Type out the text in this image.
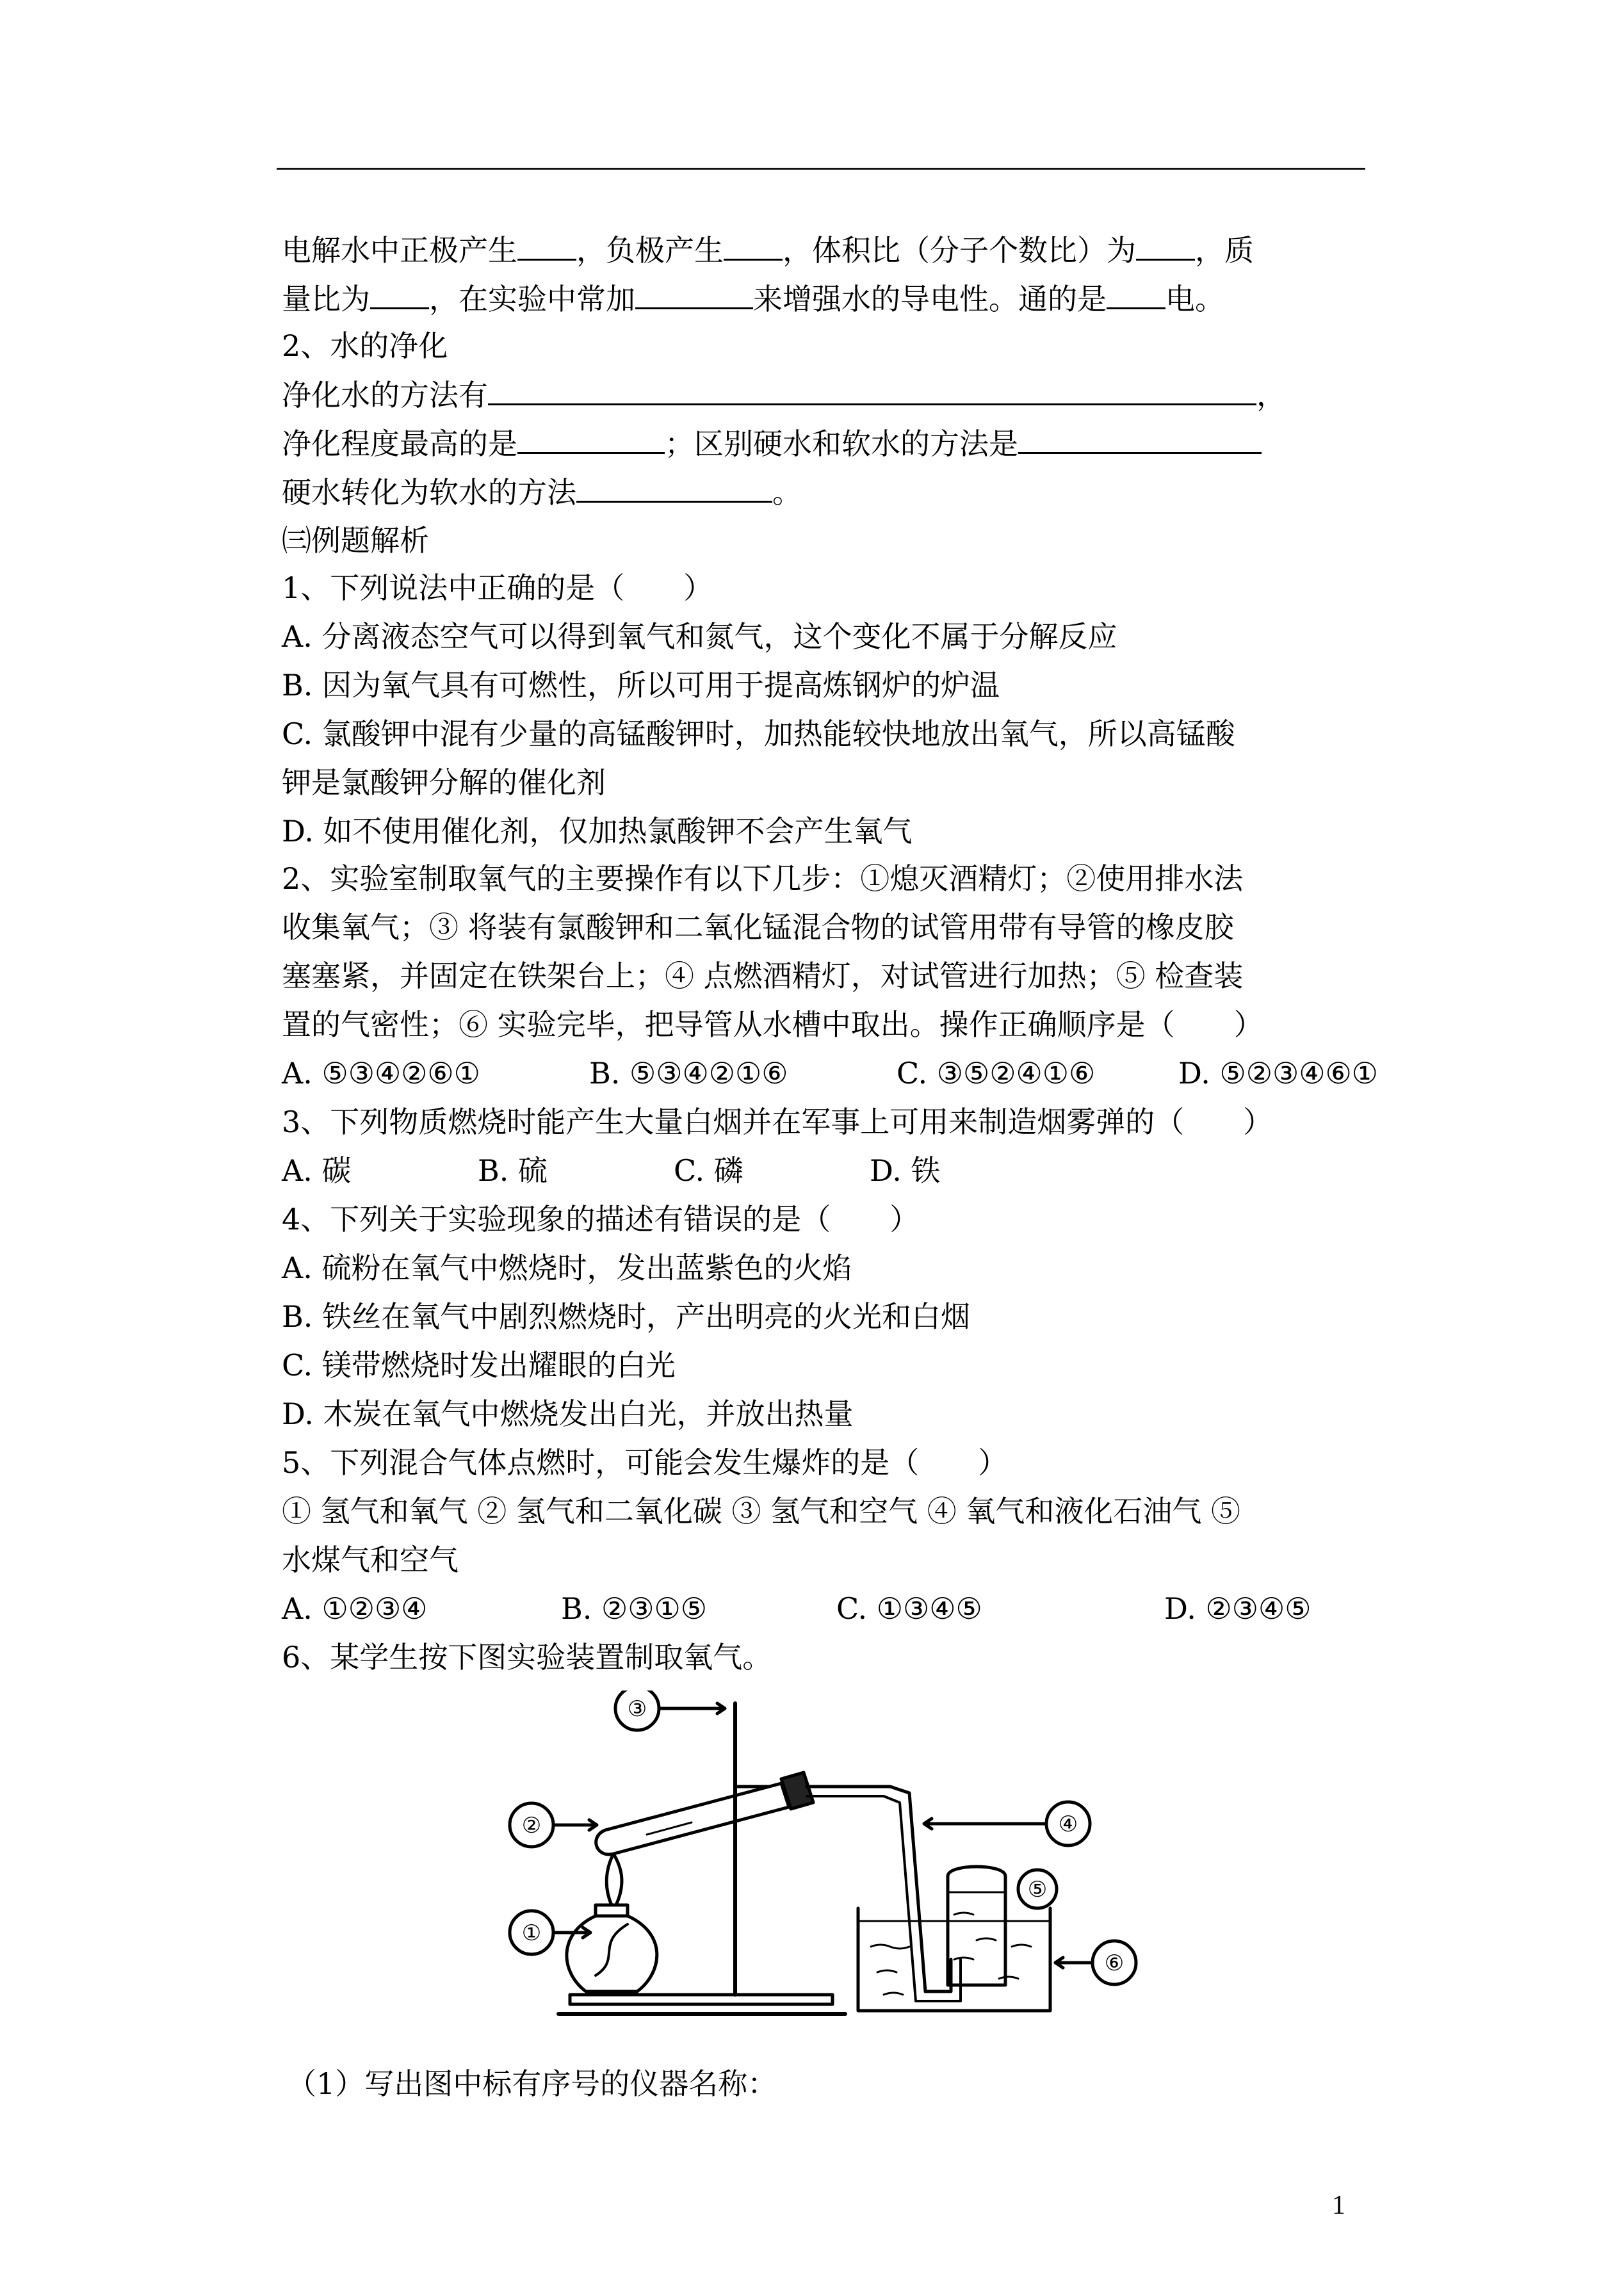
电解水中正极产生 ，负极产生 ，体积比（分子个数比）为 ，质
量比为 ，在实验中常加	来增强水的导电性。通的是 电。
2、水的净化
净化水的方法有	，
净化程度最高的是	；区别硬水和软水的方法是
硬水转化为软水的方法	。
㈢例题解析
1、下列说法中正确的是（　　）
A. 分离液态空气可以得到氧气和氮气，这个变化不属于分解反应
B. 因为氧气具有可燃性，所以可用于提高炼钢炉的炉温
C. 氯酸钾中混有少量的高锰酸钾时，加热能较快地放出氧气，所以高锰酸
钾是氯酸钾分解的催化剂
D. 如不使用催化剂，仅加热氯酸钾不会产生氧气
2、实验室制取氧气的主要操作有以下几步：①熄灭酒精灯；②使用排水法
收集氧气；③ 将装有氯酸钾和二氧化锰混合物的试管用带有导管的橡皮胶
塞塞紧，并固定在铁架台上；④ 点燃酒精灯，对试管进行加热；⑤ 检查装
置的气密性；⑥ 实验完毕，把导管从水槽中取出。操作正确顺序是（　　）
A. ⑤③④②⑥①	B. ⑤③④②①⑥	C. ③⑤②④①⑥	D. ⑤②③④⑥①
3、下列物质燃烧时能产生大量白烟并在军事上可用来制造烟雾弹的（　　）
A. 碳	B. 硫	C. 磷	D. 铁
4、下列关于实验现象的描述有错误的是（　　）
A. 硫粉在氧气中燃烧时，发出蓝紫色的火焰
B. 铁丝在氧气中剧烈燃烧时，产出明亮的火光和白烟
C. 镁带燃烧时发出耀眼的白光
D. 木炭在氧气中燃烧发出白光，并放出热量
5、下列混合气体点燃时，可能会发生爆炸的是（　　）
① 氢气和氧气 ② 氢气和二氧化碳 ③ 氢气和空气 ④ 氧气和液化石油气 ⑤
水煤气和空气
A. ①②③④	B. ②③①⑤	C. ①③④⑤	D. ②③④⑤
6、某学生按下图实验装置制取氧气。
①
②
③
④
⑤
⑥
（1）写出图中标有序号的仪器名称：
1
